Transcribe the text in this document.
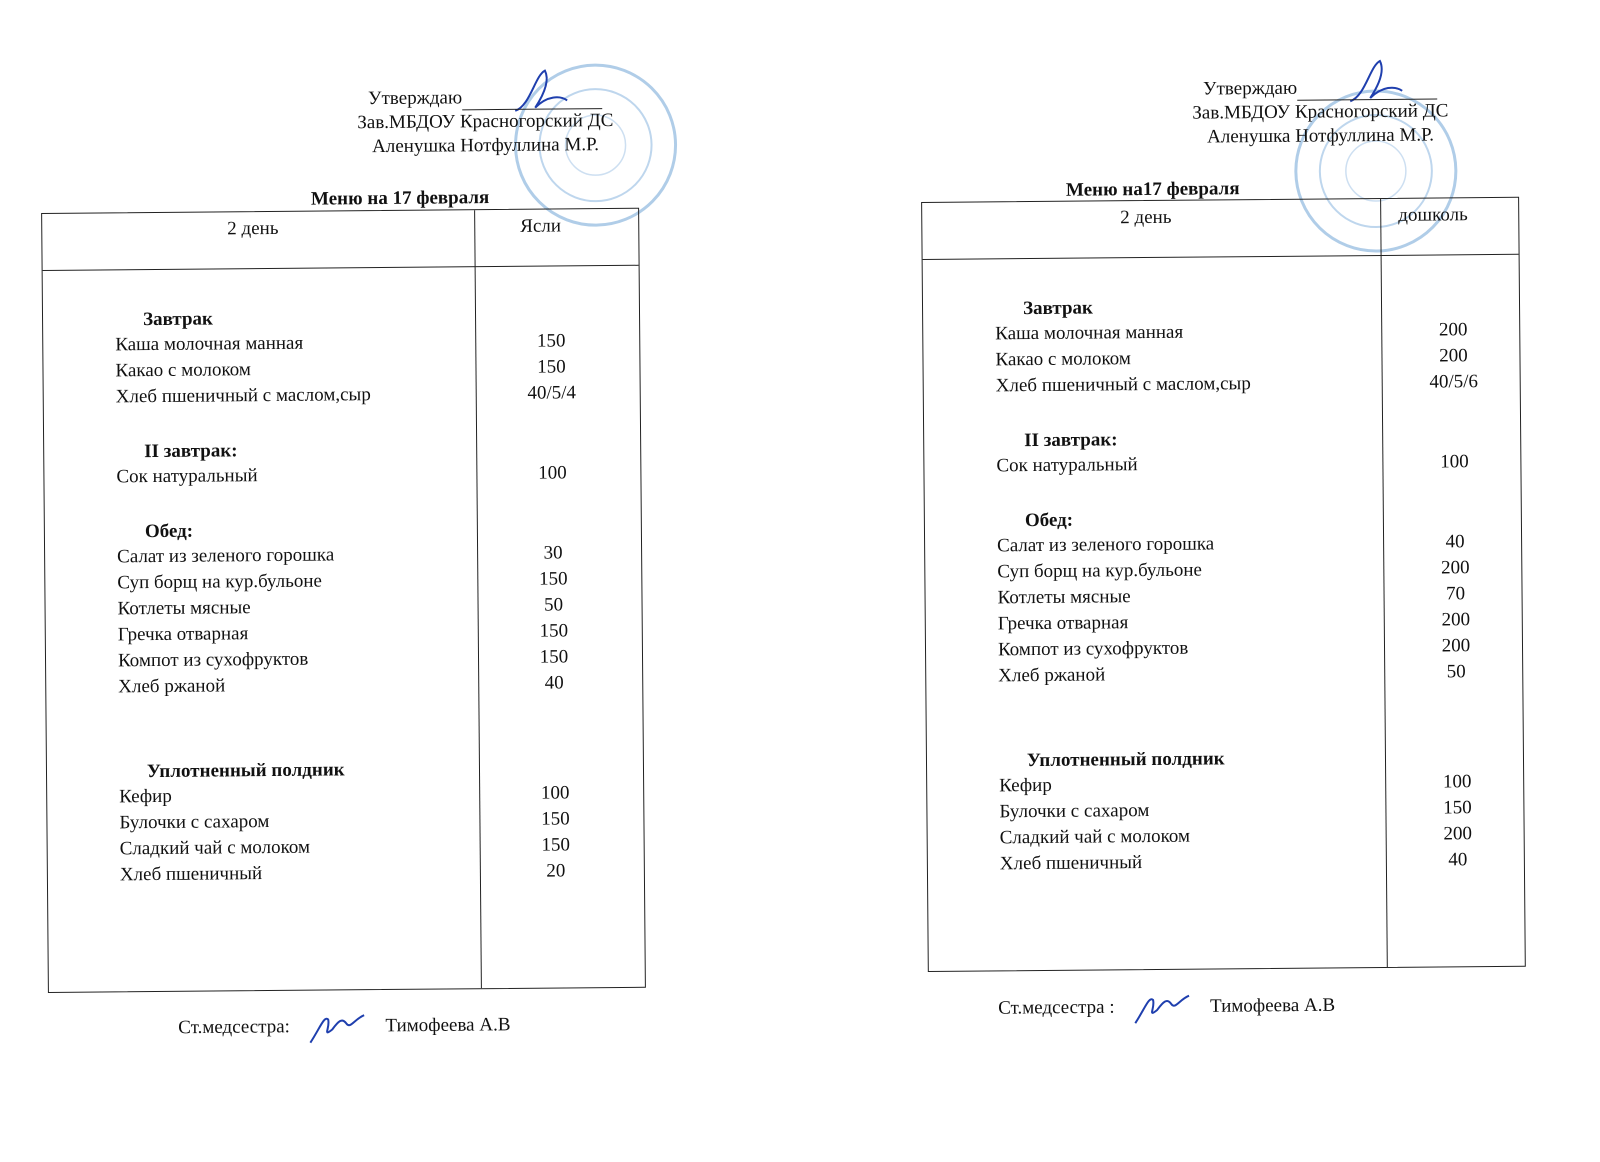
Утверждаю
Зав.МБДОУ Красногорский ДС
Аленушка Нотфуллина М.Р.
Меню на 17 февраля
2 день	Ясли
Завтрак
Каша молочная манная	150
Какао с молоком	150
Хлеб пшеничный с маслом,сыр	40/5/4
II завтрак:
Сок натуральный	100
Обед:
Салат из зеленого горошка	30
Суп борщ на кур.бульоне	150
Котлеты мясные	50
Гречка отварная	150
Компот из сухофруктов	150
Хлеб ржаной	40
Уплотненный полдник
Кефир	100
Булочки с сахаром	150
Сладкий чай с молоком	150
Хлеб пшеничный	20
Ст.медсестра:	Тимофеева А.В
Утверждаю
Зав.МБДОУ Красногорский ДС
Аленушка Нотфуллина М.Р.
Меню на17 февраля
2 день	дошколь
Завтрак
Каша молочная манная	200
Какао с молоком	200
Хлеб пшеничный с маслом,сыр	40/5/6
II завтрак:
Сок натуральный	100
Обед:
Салат из зеленого горошка	40
Суп борщ на кур.бульоне	200
Котлеты мясные	70
Гречка отварная	200
Компот из сухофруктов	200
Хлеб ржаной	50
Уплотненный полдник
Кефир	100
Булочки с сахаром	150
Сладкий чай с молоком	200
Хлеб пшеничный	40
Ст.медсестра :	Тимофеева А.В
